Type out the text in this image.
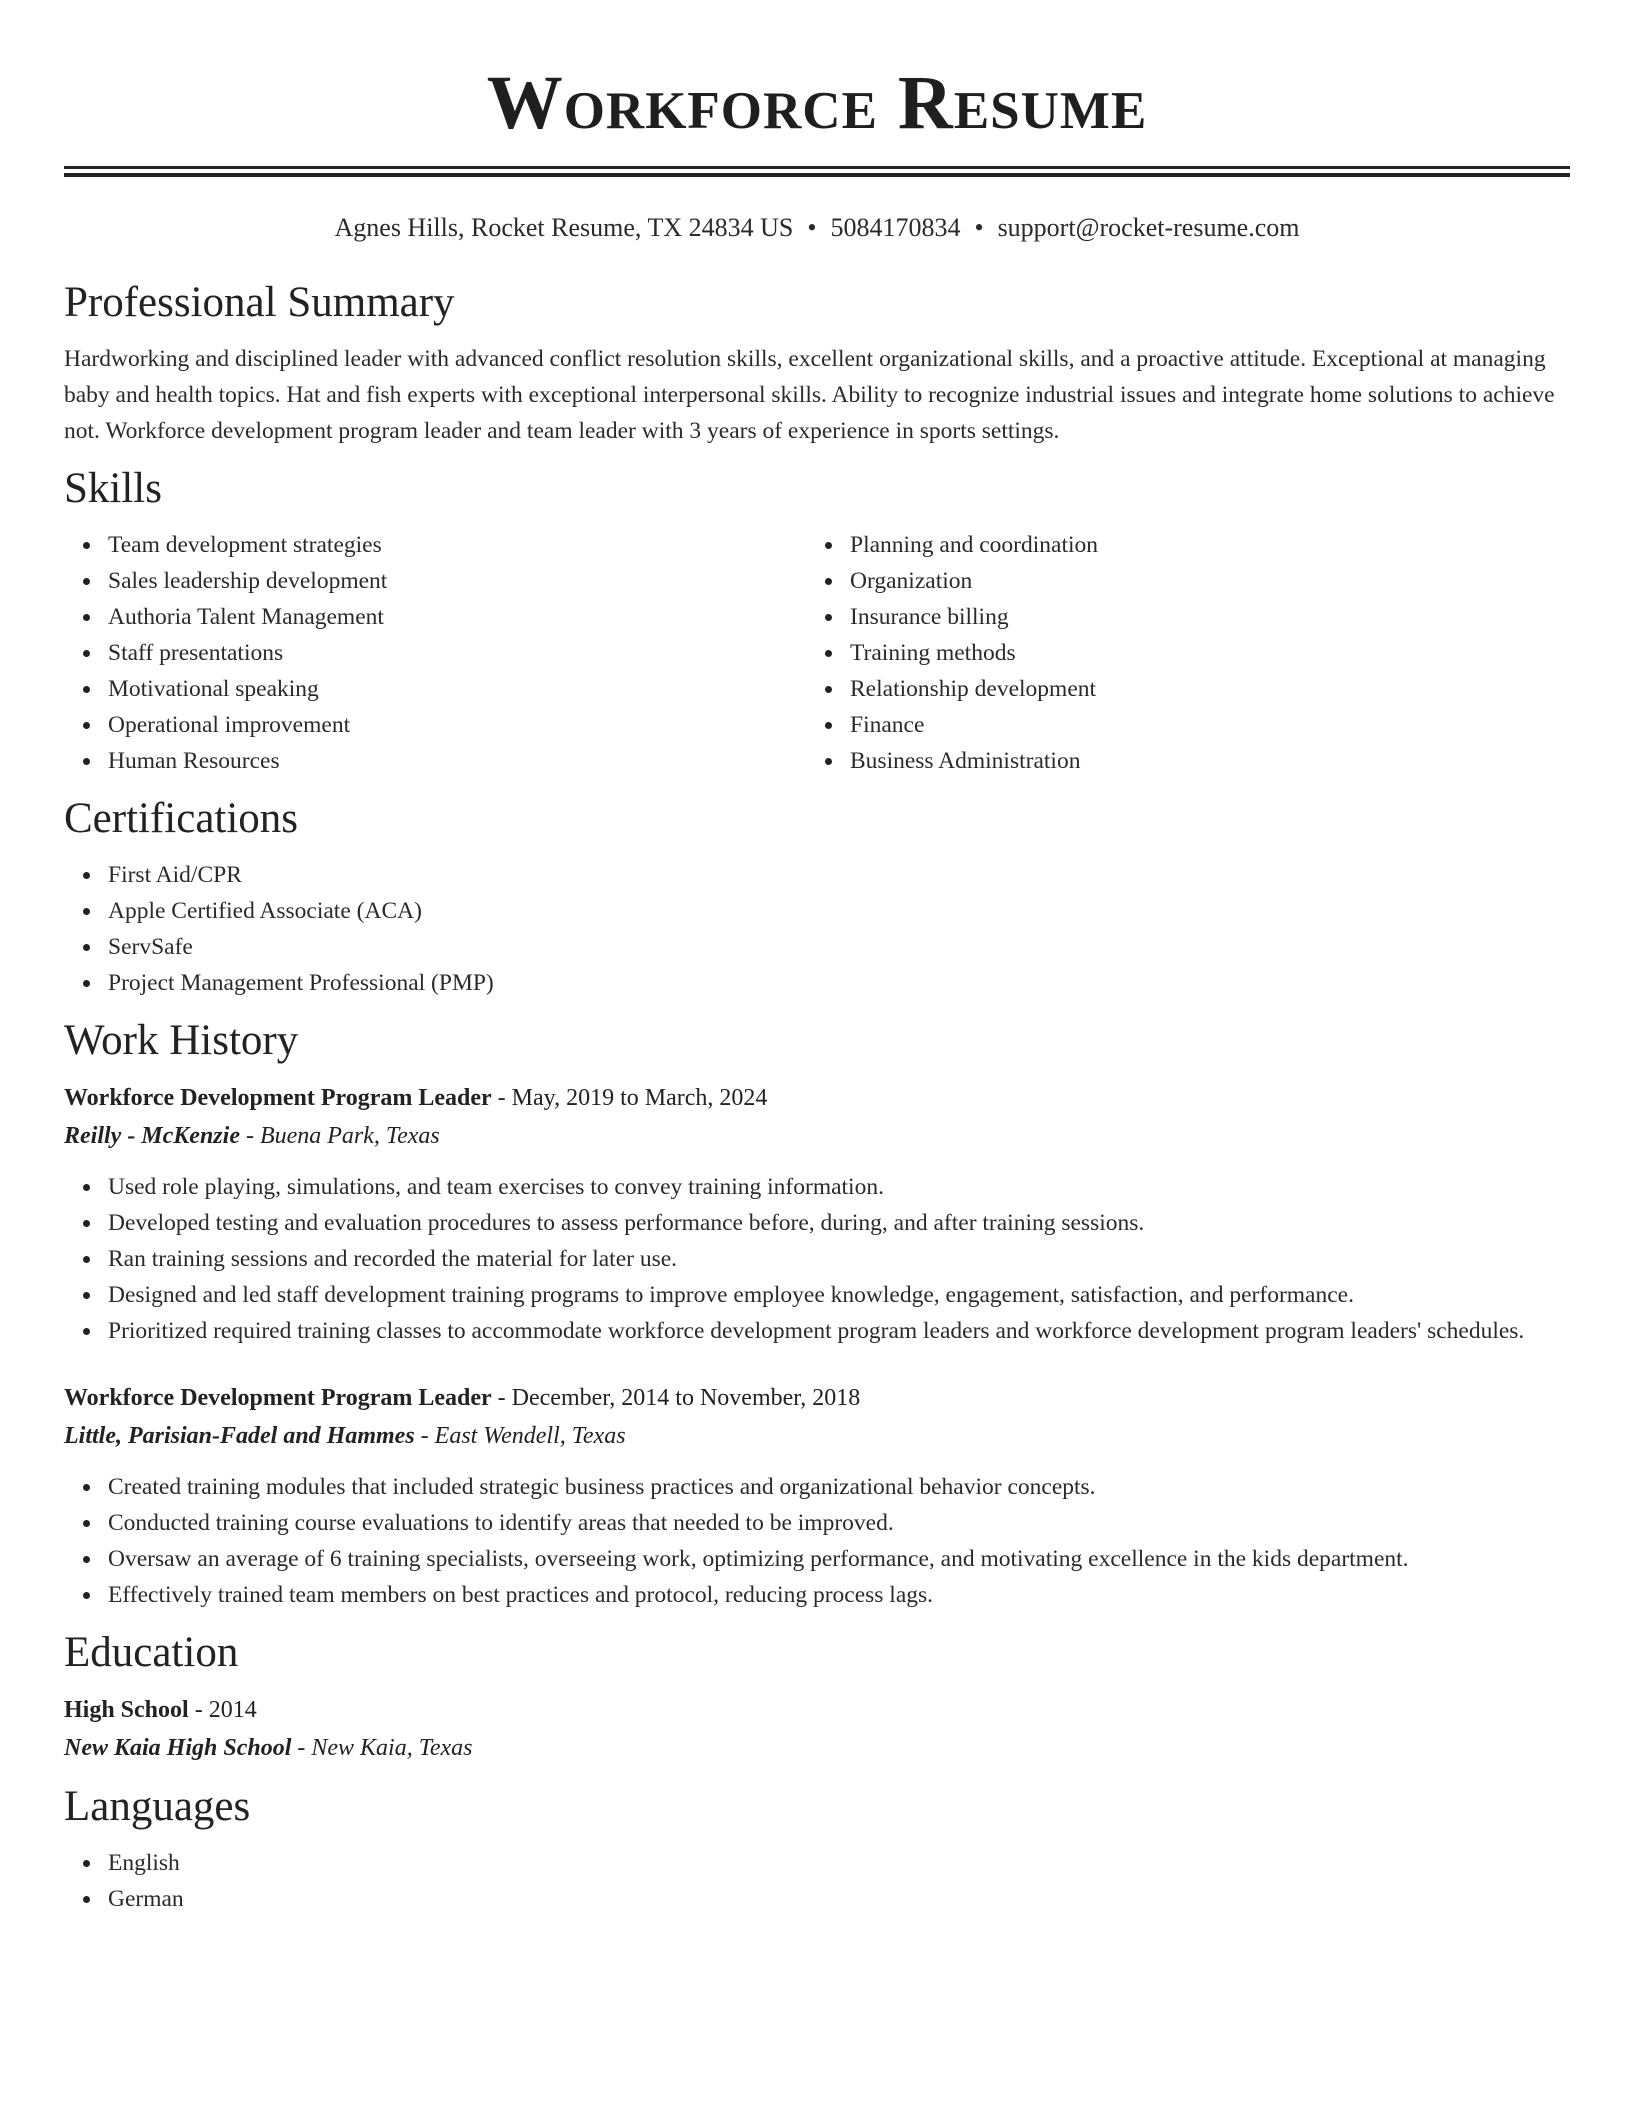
Workforce Resume
Agnes Hills, Rocket Resume, TX 24834 US • 5084170834 • support@rocket-resume.com
Professional Summary

Hardworking and disciplined leader with advanced conflict resolution skills, excellent organizational skills, and a proactive attitude. Exceptional at managing baby and health topics. Hat and fish experts with exceptional interpersonal skills. Ability to recognize industrial issues and integrate home solutions to achieve not. Workforce development program leader and team leader with 3 years of experience in sports settings.

Skills
Team development strategies
Sales leadership development
Authoria Talent Management
Staff presentations
Motivational speaking
Operational improvement
Human Resources
Planning and coordination
Organization
Insurance billing
Training methods
Relationship development
Finance
Business Administration
Certifications
First Aid/CPR
Apple Certified Associate (ACA)
ServSafe
Project Management Professional (PMP)
Work History
Workforce Development Program Leader - May, 2019 to March, 2024
Reilly - McKenzie - Buena Park, Texas
Used role playing, simulations, and team exercises to convey training information.
Developed testing and evaluation procedures to assess performance before, during, and after training sessions.
Ran training sessions and recorded the material for later use.
Designed and led staff development training programs to improve employee knowledge, engagement, satisfaction, and performance.
Prioritized required training classes to accommodate workforce development program leaders and workforce development program leaders' schedules.
Workforce Development Program Leader - December, 2014 to November, 2018
Little, Parisian-Fadel and Hammes - East Wendell, Texas
Created training modules that included strategic business practices and organizational behavior concepts.
Conducted training course evaluations to identify areas that needed to be improved.
Oversaw an average of 6 training specialists, overseeing work, optimizing performance, and motivating excellence in the kids department.
Effectively trained team members on best practices and protocol, reducing process lags.
Education
High School - 2014
New Kaia High School - New Kaia, Texas
Languages
English
German
